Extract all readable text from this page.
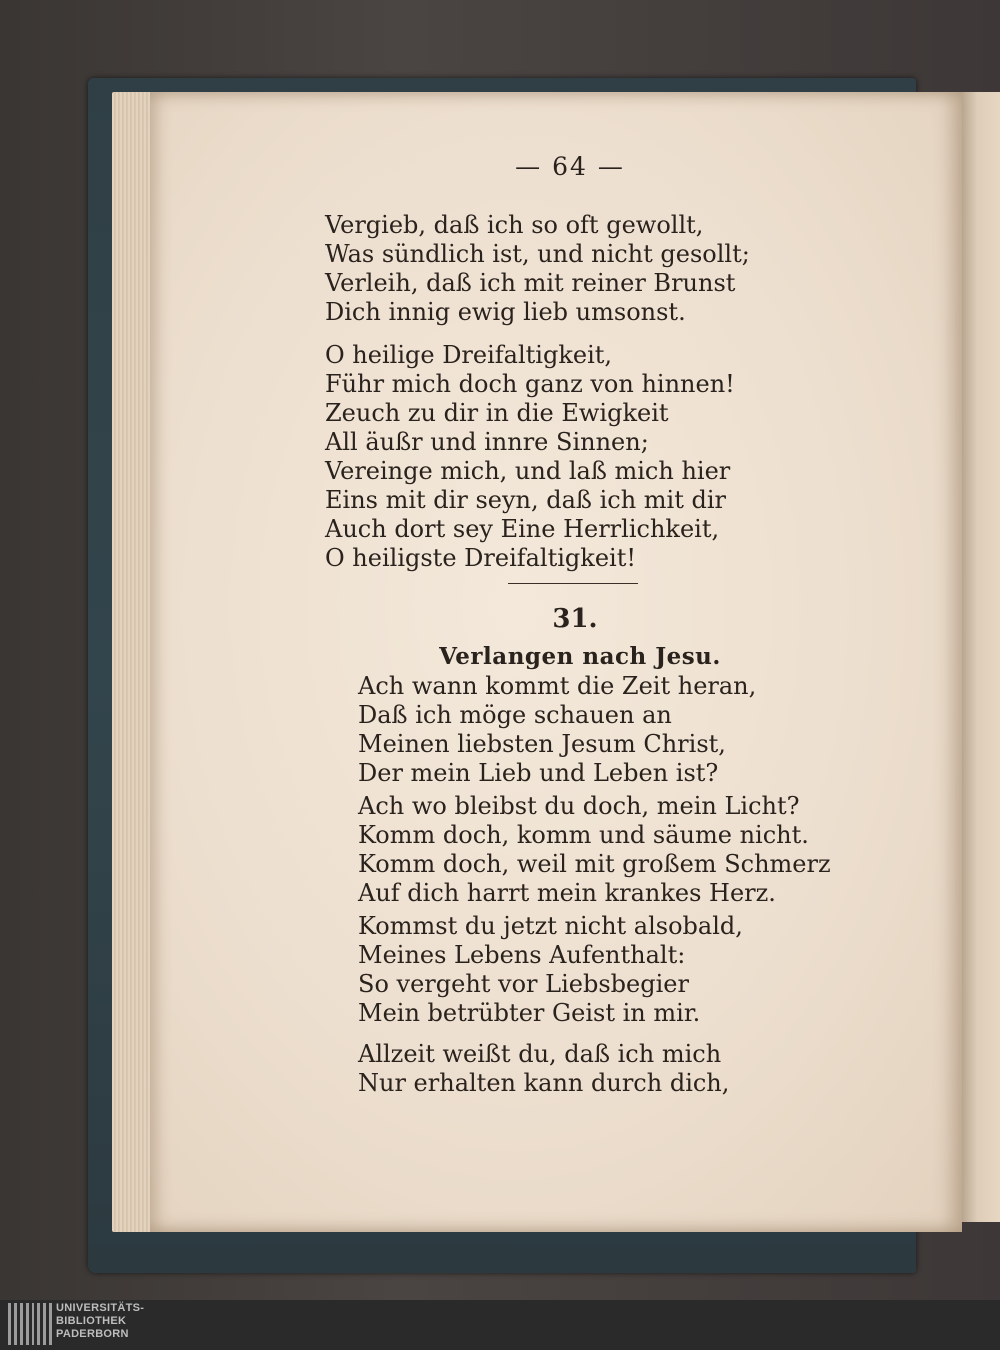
— 64 —
Vergieb, daß ich so oft gewollt,
Was sündlich ist, und nicht gesollt;
Verleih, daß ich mit reiner Brunst
Dich innig ewig lieb umsonst.
O heilige Dreifaltigkeit,
Führ mich doch ganz von hinnen!
Zeuch zu dir in die Ewigkeit
All äußr und innre Sinnen;
Vereinge mich, und laß mich hier
Eins mit dir seyn, daß ich mit dir
Auch dort sey Eine Herrlichkeit,
O heiligste Dreifaltigkeit!
31.
Verlangen nach Jesu.
Ach wann kommt die Zeit heran,
Daß ich möge schauen an
Meinen liebsten Jesum Christ,
Der mein Lieb und Leben ist?
Ach wo bleibst du doch, mein Licht?
Komm doch, komm und säume nicht.
Komm doch, weil mit großem Schmerz
Auf dich harrt mein krankes Herz.
Kommst du jetzt nicht alsobald,
Meines Lebens Aufenthalt:
So vergeht vor Liebsbegier
Mein betrübter Geist in mir.
Allzeit weißt du, daß ich mich
Nur erhalten kann durch dich,
UNIVERSITÄTS-
BIBLIOTHEK
PADERBORN
